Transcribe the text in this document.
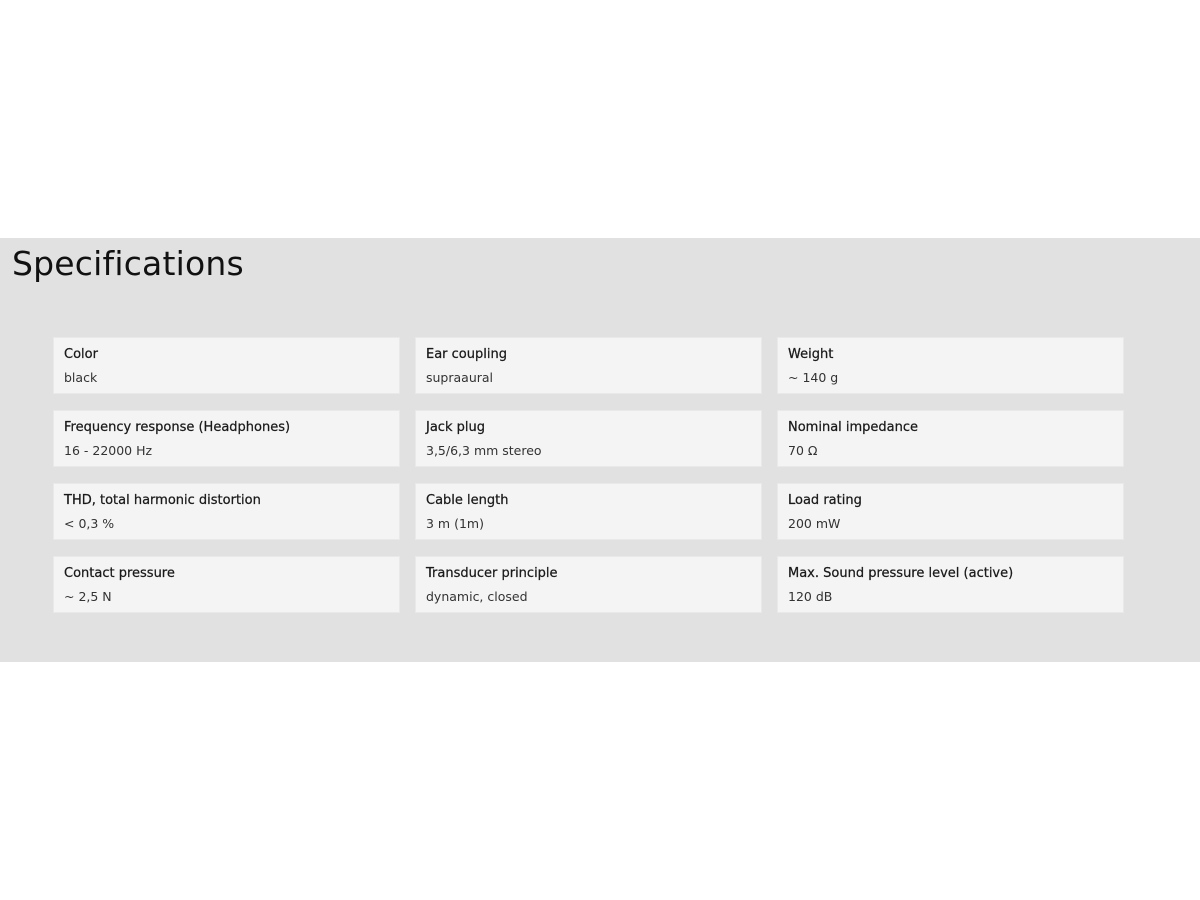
Specifications
Color
black
Ear coupling
supraaural
Weight
~ 140 g
Frequency response (Headphones)
16 - 22000 Hz
Jack plug
3,5/6,3 mm stereo
Nominal impedance
70 Ω
THD, total harmonic distortion
< 0,3 %
Cable length
3 m (1m)
Load rating
200 mW
Contact pressure
~ 2,5 N
Transducer principle
dynamic, closed
Max. Sound pressure level (active)
120 dB
